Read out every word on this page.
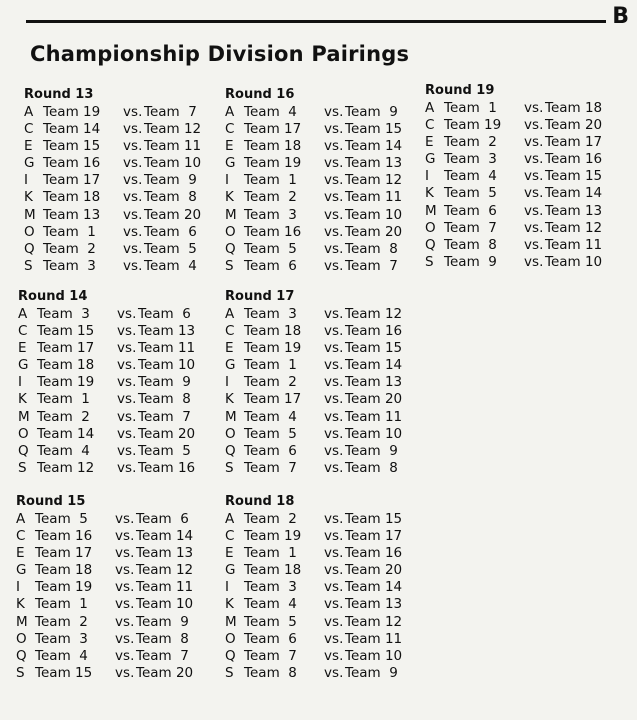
B
Championship Division Pairings
Round 13
A Team 19	vs. Team  7
C Team 14	vs. Team 12
E Team 15	vs. Team 11
G Team 16	vs. Team 10
I	Team 17	vs. Team  9
K Team 18	vs. Team  8
M Team 13	vs. Team 20
O Team  1	vs. Team  6
Q Team  2	vs. Team  5
S Team  3	vs. Team  4
Round 14
A Team  3	vs. Team  6
C Team 15	vs. Team 13
E Team 17	vs. Team 11
G Team 18	vs. Team 10
I	Team 19	vs. Team  9
K Team  1	vs. Team  8
M Team  2	vs. Team  7
O Team 14	vs. Team 20
Q Team  4	vs. Team  5
S Team 12	vs. Team 16
Round 15
A Team  5	vs. Team  6
C Team 16	vs. Team 14
E Team 17	vs. Team 13
G Team 18	vs. Team 12
I	Team 19	vs. Team 11
K Team  1	vs. Team 10
M Team  2	vs. Team  9
O Team  3	vs. Team  8
Q Team  4	vs. Team  7
S Team 15	vs. Team 20
Round 16
A Team  4	vs. Team  9
C Team 17	vs. Team 15
E Team 18	vs. Team 14
G Team 19	vs. Team 13
I	Team  1	vs. Team 12
K Team  2	vs. Team 11
M Team  3	vs. Team 10
O Team 16	vs. Team 20
Q Team  5	vs. Team  8
S Team  6	vs. Team  7
Round 17
A Team  3	vs. Team 12
C Team 18	vs. Team 16
E Team 19	vs. Team 15
G Team  1	vs. Team 14
I	Team  2	vs. Team 13
K Team 17	vs. Team 20
M Team  4	vs. Team 11
O Team  5	vs. Team 10
Q Team  6	vs. Team  9
S Team  7	vs. Team  8
Round 18
A Team  2	vs. Team 15
C Team 19	vs. Team 17
E Team  1	vs. Team 16
G Team 18	vs. Team 20
I	Team  3	vs. Team 14
K Team  4	vs. Team 13
M Team  5	vs. Team 12
O Team  6	vs. Team 11
Q Team  7	vs. Team 10
S Team  8	vs. Team  9
Round 19
A Team  1	vs. Team 18
C Team 19	vs. Team 20
E Team  2	vs. Team 17
G Team  3	vs. Team 16
I	Team  4	vs. Team 15
K Team  5	vs. Team 14
M Team  6	vs. Team 13
O Team  7	vs. Team 12
Q Team  8	vs. Team 11
S Team  9	vs. Team 10
